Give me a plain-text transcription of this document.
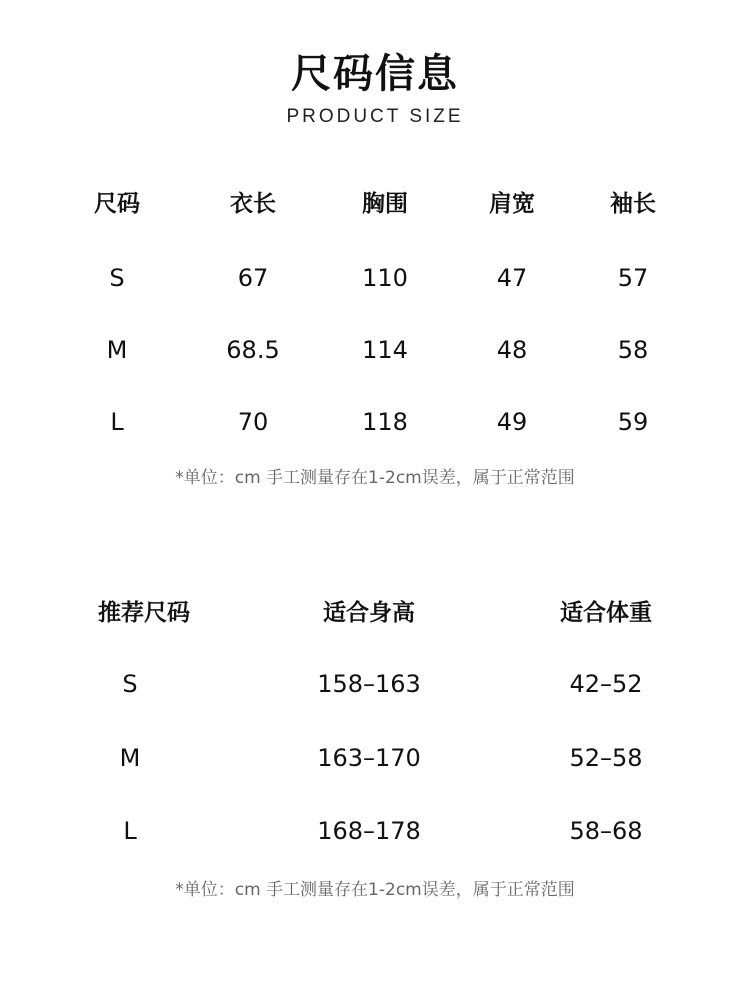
尺码信息
PRODUCT SIZE
尺码	衣长	胸围	肩宽	袖长
S	67	110	47	57
M	68.5	114	48	58
L	70	118	49	59
*单位：cm 手工测量存在1-2cm误差，属于正常范围
推荐尺码	适合身高	适合体重
S	158–163	42–52
M	163–170	52–58
L	168–178	58–68
*单位：cm 手工测量存在1-2cm误差，属于正常范围
